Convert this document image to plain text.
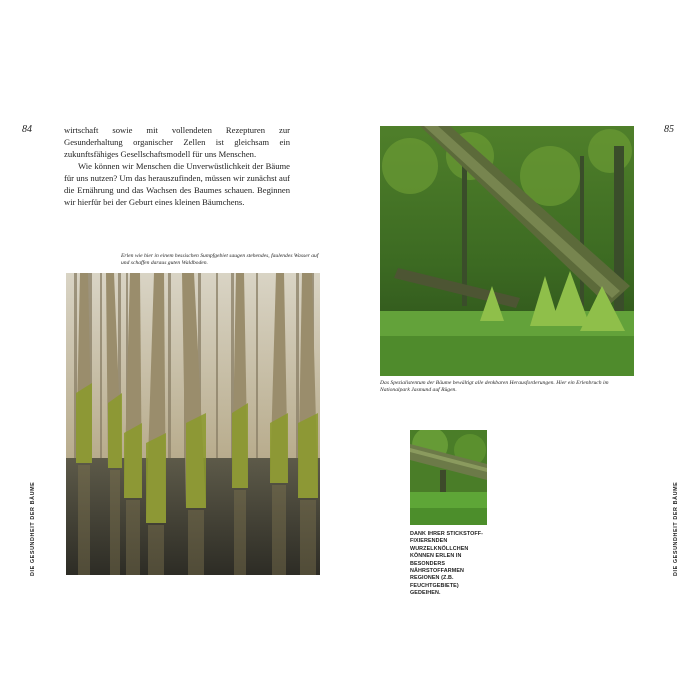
84	wirtschaft sowie mit vollendeten Rezepturen zur Gesunderhaltung organischer Zellen ist gleichsam ein zukunftsfähiges Gesellschaftsmodell für uns Menschen.

Wie können wir Menschen die Unverwüstlichkeit der Bäume für uns nutzen? Um das herauszufinden, müssen wir zunächst auf die Ernährung und das Wachsen des Baumes schauen. Beginnen wir hierfür bei der Geburt eines kleinen Bäumchens.

Erlen wie hier in einem hessischen Sumpfgebiet saugen stehendes, faulendes Wasser auf und schaffen daraus guten Waldboden.
DIE GESUNDHEIT DER BÄUME
85
Das Spezialistentum der Bäume bewältigt alle denkbaren Herausforderungen. Hier ein Erlenbruch im Nationalpark Jasmund auf Rügen.
DANK IHRER STICKSTOFF-FIXIERENDEN WURZELKNÖLLCHEN KÖNNEN ERLEN IN BESONDERS NÄHRSTOFFARMEN REGIONEN (Z.B. FEUCHTGEBIETE) GEDEIHEN.
DIE GESUNDHEIT DER BÄUME
